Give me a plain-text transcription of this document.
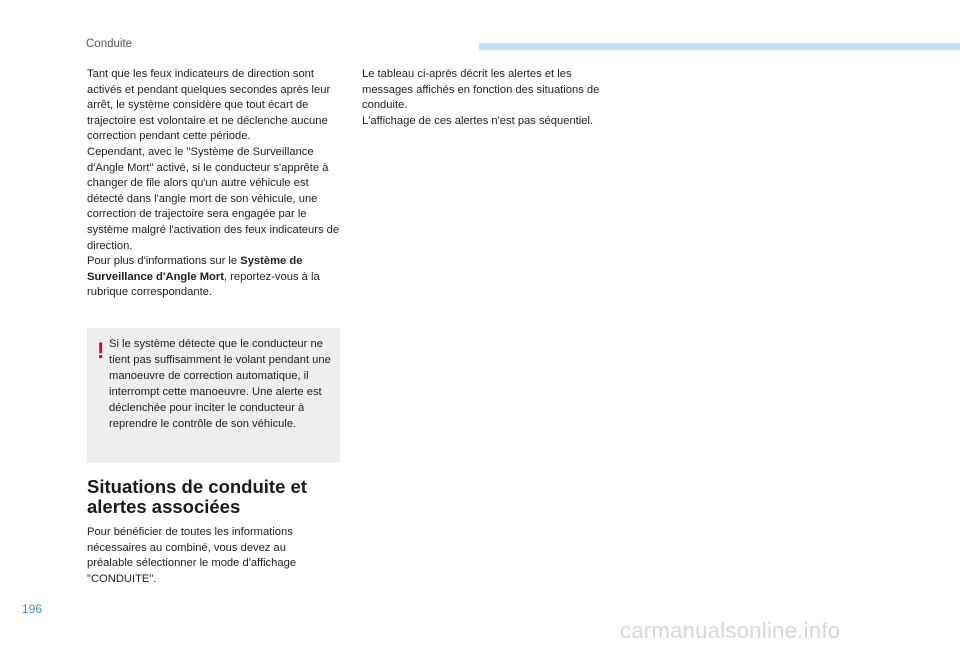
Conduite

Tant que les feux indicateurs de direction sont activés et pendant quelques secondes après leur arrêt, le système considère que tout écart de trajectoire est volontaire et ne déclenche aucune correction pendant cette période.

Cependant, avec le "Système de Surveillance d'Angle Mort" activé, si le conducteur s'apprête à changer de file alors qu'un autre véhicule est détecté dans l'angle mort de son véhicule, une correction de trajectoire sera engagée par le système malgré l'activation des feux indicateurs de direction.

Pour plus d'informations sur le Système de Surveillance d'Angle Mort, reportez-vous à la rubrique correspondante.

! Si le système détecte que le conducteur ne tient pas suffisamment le volant pendant une manoeuvre de correction automatique, il interrompt cette manoeuvre. Une alerte est déclenchée pour inciter le conducteur à reprendre le contrôle de son véhicule.
Situations de conduite et alertes associées
Pour bénéficier de toutes les informations nécessaires au combiné, vous devez au préalable sélectionner le mode d'affichage "CONDUITE".
Le tableau ci-après décrit les alertes et les messages affichés en fonction des situations de conduite.
L'affichage de ces alertes n'est pas séquentiel.
196
carmanualsonline.info
